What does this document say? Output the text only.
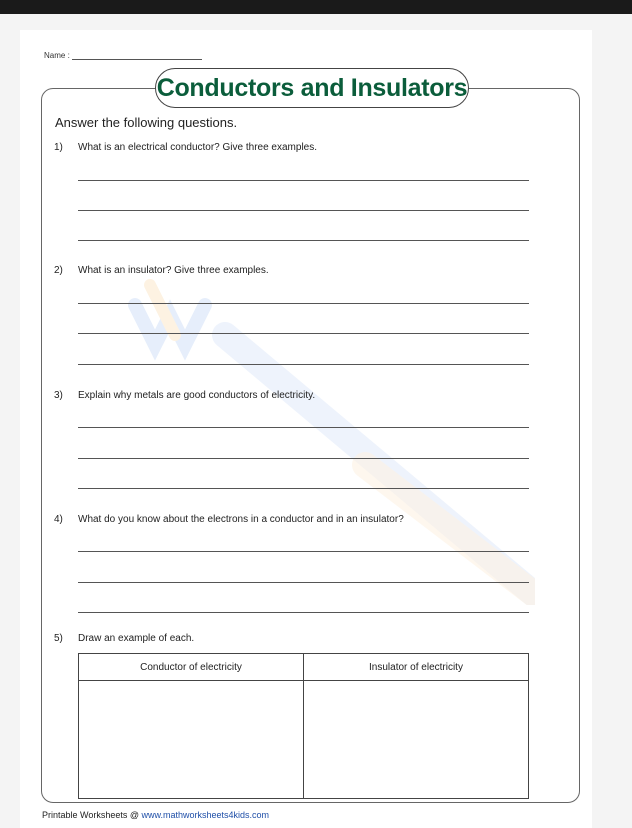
Name :
Conductors and Insulators
Answer the following questions.
1)	What is an electrical conductor? Give three examples.
2)	What is an insulator? Give three examples.
3)	Explain why metals are good conductors of electricity.
4)	What do you know about the electrons in a conductor and in an insulator?
5)	Draw an example of each.
Conductor of electricity	Insulator of electricity

Printable Worksheets @ www.mathworksheets4kids.com
